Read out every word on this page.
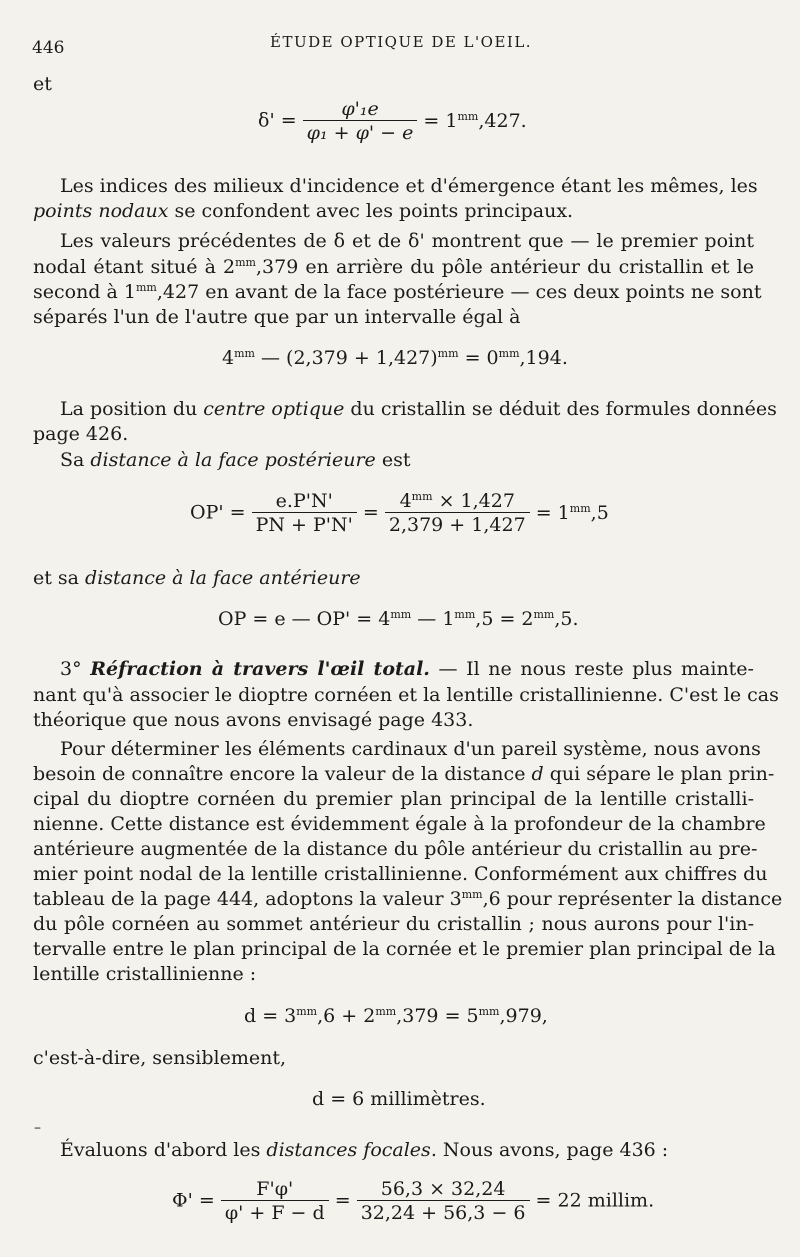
446	ÉTUDE OPTIQUE DE L'OEIL.
et
$\delta' = \frac{\text{φ'₁e}}{\text{φ₁ + φ' − e}} = 1^{mm},427$.
Les indices des milieux d'incidence et d'émergence étant les mêmes, les
points nodaux se confondent avec les points principaux.
Les valeurs précédentes de δ et de δ' montrent que — le premier point
nodal étant situé à $2^{mm},379$ en arrière du pôle antérieur du cristallin et le
second à $1^{mm},427$ en avant de la face postérieure — ces deux points ne sont
séparés l'un de l'autre que par un intervalle égal à
$4^{mm}$ — $(2,379 + 1,427)^{mm} = 0^{mm},194$.
La position du centre optique du cristallin se déduit des formules données
page 426.
Sa distance à la face postérieure est
$OP' = \frac{e.P'N'}{PN + P'N'} = \frac{4^{mm} \times 1,427}{2,379 + 1,427} = 1^{mm},5$
et sa distance à la face antérieure
OP = e — $OP' = 4^{mm}$ — $1^{mm},5 = 2^{mm},5$.
3° Réfraction à travers l'œil total. — Il ne nous reste plus mainte-
nant qu'à associer le dioptre cornéen et la lentille cristallinienne. C'est le cas
théorique que nous avons envisagé page 433.
Pour déterminer les éléments cardinaux d'un pareil système, nous avons
besoin de connaître encore la valeur de la distance d qui sépare le plan prin-
cipal du dioptre cornéen du premier plan principal de la lentille cristalli-
nienne. Cette distance est évidemment égale à la profondeur de la chambre
antérieure augmentée de la distance du pôle antérieur du cristallin au pre-
mier point nodal de la lentille cristallinienne. Conformément aux chiffres du
tableau de la page 444, adoptons la valeur $3^{mm},6$ pour représenter la distance
du pôle cornéen au sommet antérieur du cristallin ; nous aurons pour l'in-
tervalle entre le plan principal de la cornée et le premier plan principal de la
lentille cristallinienne :
$d = 3^{mm},6 + 2^{mm},379 = 5^{mm},979$,
c'est-à-dire, sensiblement,
d = 6 millimètres.
–
Évaluons d'abord les distances focales. Nous avons, page 436 :
$\Phi' = \frac{F'\varphi'}{\varphi' + F - d} = \frac{56,3 \times 32,24}{32,24 + 56,3 - 6} = 22$ millim.
